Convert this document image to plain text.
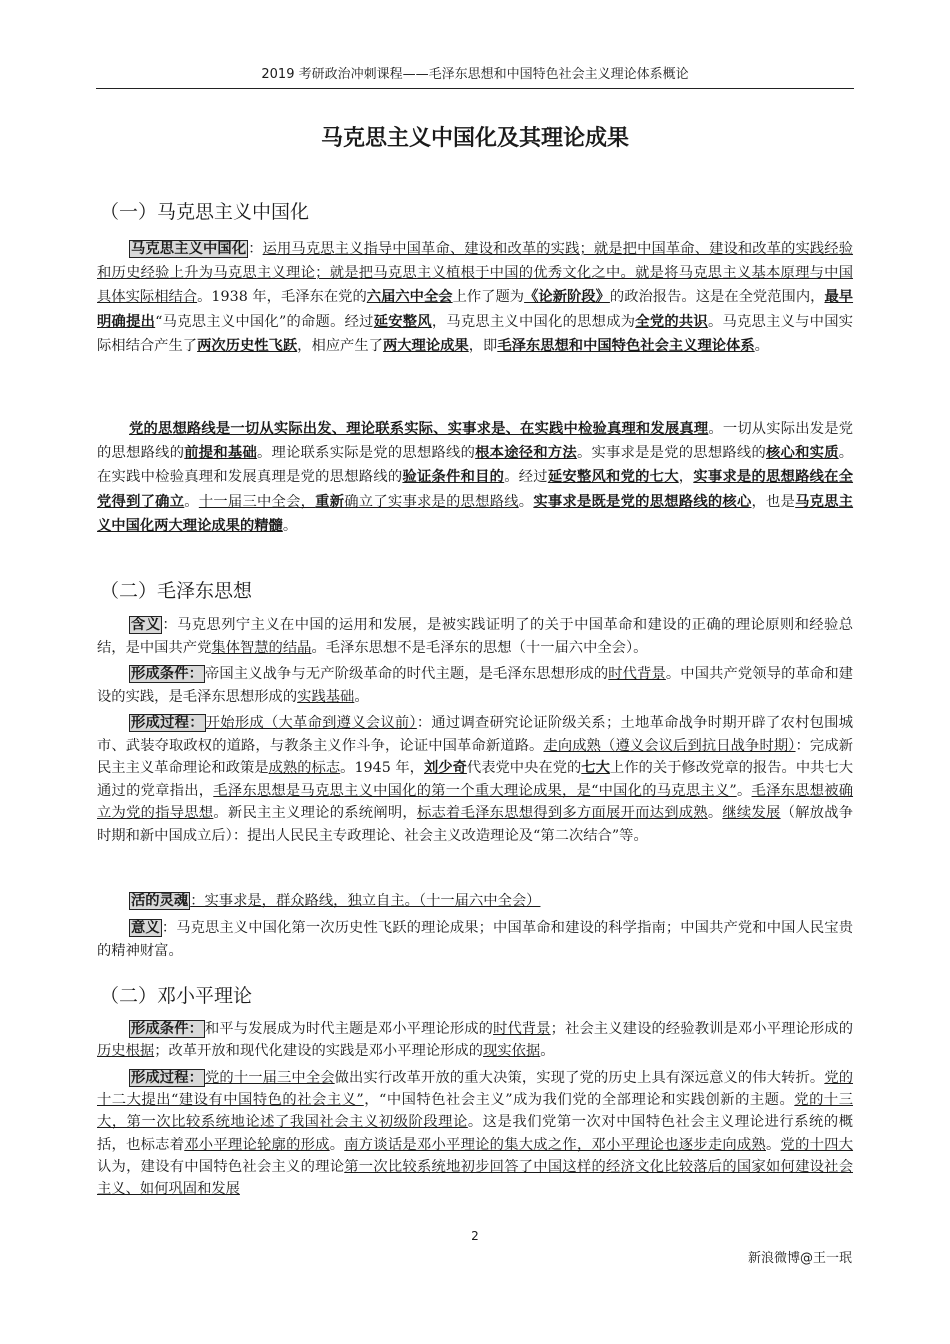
2019 考研政治冲刺课程——毛泽东思想和中国特色社会主义理论体系概论
马克思主义中国化及其理论成果
（一）马克思主义中国化

马克思主义中国化 ：运用马克思主义指导中国革命、建设和改革的实践；就是把中国革命、建设和改革的实践经验和历史经验上升为马克思主义理论；就是把马克思主义植根于中国的优秀文化之中。就是将马克思主义基本原理与中国具体实际相结合。1938 年，毛泽东在党的六届六中全会上作了题为《论新阶段》的政治报告。这是在全党范围内，最早明确提出“马克思主义中国化”的命题。经过延安整风，马克思主义中国化的思想成为全党的共识。马克思主义与中国实际相结合产生了两次历史性飞跃，相应产生了两大理论成果，即毛泽东思想和中国特色社会主义理论体系。

党的思想路线是一切从实际出发、理论联系实际、实事求是、在实践中检验真理和发展真理。一切从实际出发是党的思想路线的前提和基础。理论联系实际是党的思想路线的根本途径和方法。实事求是是党的思想路线的核心和实质。在实践中检验真理和发展真理是党的思想路线的验证条件和目的。经过延安整风和党的七大，实事求是的思想路线在全党得到了确立。十一届三中全会，重新确立了实事求是的思想路线。实事求是既是党的思想路线的核心，也是马克思主义中国化两大理论成果的精髓。

（二）毛泽东思想

含义 ：马克思列宁主义在中国的运用和发展，是被实践证明了的关于中国革命和建设的正确的理论原则和经验总结，是中国共产党集体智慧的结晶。毛泽东思想不是毛泽东的思想（十一届六中全会）。

形成条件： 帝国主义战争与无产阶级革命的时代主题，是毛泽东思想形成的时代背景。中国共产党领导的革命和建设的实践，是毛泽东思想形成的实践基础。

形成过程： 开始形成（大革命到遵义会议前）：通过调查研究论证阶级关系；土地革命战争时期开辟了农村包围城市、武装夺取政权的道路，与教条主义作斗争，论证中国革命新道路。走向成熟（遵义会议后到抗日战争时期）：完成新民主主义革命理论和政策是成熟的标志。1945 年，刘少奇代表党中央在党的七大上作的关于修改党章的报告。中共七大通过的党章指出，毛泽东思想是马克思主义中国化的第一个重大理论成果，是“中国化的马克思主义”。毛泽东思想被确立为党的指导思想。新民主主义理论的系统阐明，标志着毛泽东思想得到多方面展开而达到成熟。继续发展（解放战争时期和新中国成立后）：提出人民民主专政理论、社会主义改造理论及“第二次结合”等。

活的灵魂 ：实事求是，群众路线，独立自主。（十一届六中全会）

意义 ：马克思主义中国化第一次历史性飞跃的理论成果；中国革命和建设的科学指南；中国共产党和中国人民宝贵的精神财富。

（二）邓小平理论

形成条件： 和平与发展成为时代主题是邓小平理论形成的时代背景；社会主义建设的经验教训是邓小平理论形成的历史根据；改革开放和现代化建设的实践是邓小平理论形成的现实依据。

形成过程： 党的十一届三中全会做出实行改革开放的重大决策，实现了党的历史上具有深远意义的伟大转折。党的十二大提出“建设有中国特色的社会主义”，“中国特色社会主义”成为我们党的全部理论和实践创新的主题。党的十三大，第一次比较系统地论述了我国社会主义初级阶段理论。这是我们党第一次对中国特色社会主义理论进行系统的概括，也标志着邓小平理论轮廓的形成。南方谈话是邓小平理论的集大成之作，邓小平理论也逐步走向成熟。党的十四大认为，建设有中国特色社会主义的理论第一次比较系统地初步回答了中国这样的经济文化比较落后的国家如何建设社会主义、如何巩固和发展

2
新浪微博@王一珉
